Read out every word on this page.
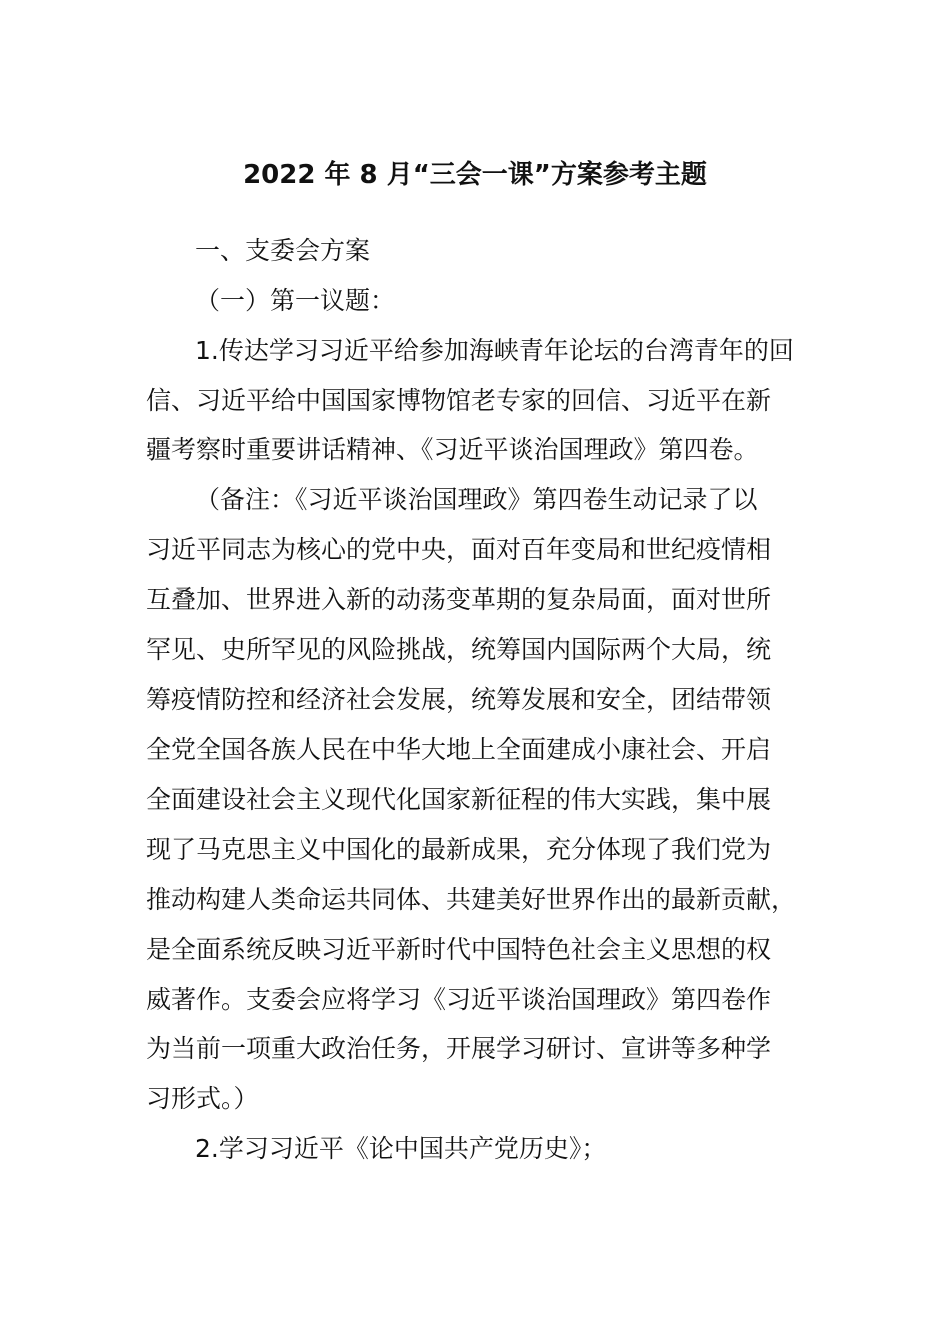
2022 年 8 月“三会一课”方案参考主题
一、支委会方案
（一）第一议题：
1.传达学习习近平给参加海峡青年论坛的台湾青年的回
信、习近平给中国国家博物馆老专家的回信、习近平在新
疆考察时重要讲话精神、《习近平谈治国理政》第四卷。
（备注：《习近平谈治国理政》第四卷生动记录了以
习近平同志为核心的党中央，面对百年变局和世纪疫情相
互叠加、世界进入新的动荡变革期的复杂局面，面对世所
罕见、史所罕见的风险挑战，统筹国内国际两个大局，统
筹疫情防控和经济社会发展，统筹发展和安全，团结带领
全党全国各族人民在中华大地上全面建成小康社会、开启
全面建设社会主义现代化国家新征程的伟大实践，集中展
现了马克思主义中国化的最新成果，充分体现了我们党为
推动构建人类命运共同体、共建美好世界作出的最新贡献，
是全面系统反映习近平新时代中国特色社会主义思想的权
威著作。支委会应将学习《习近平谈治国理政》第四卷作
为当前一项重大政治任务，开展学习研讨、宣讲等多种学
习形式。）
2.学习习近平《论中国共产党历史》；
